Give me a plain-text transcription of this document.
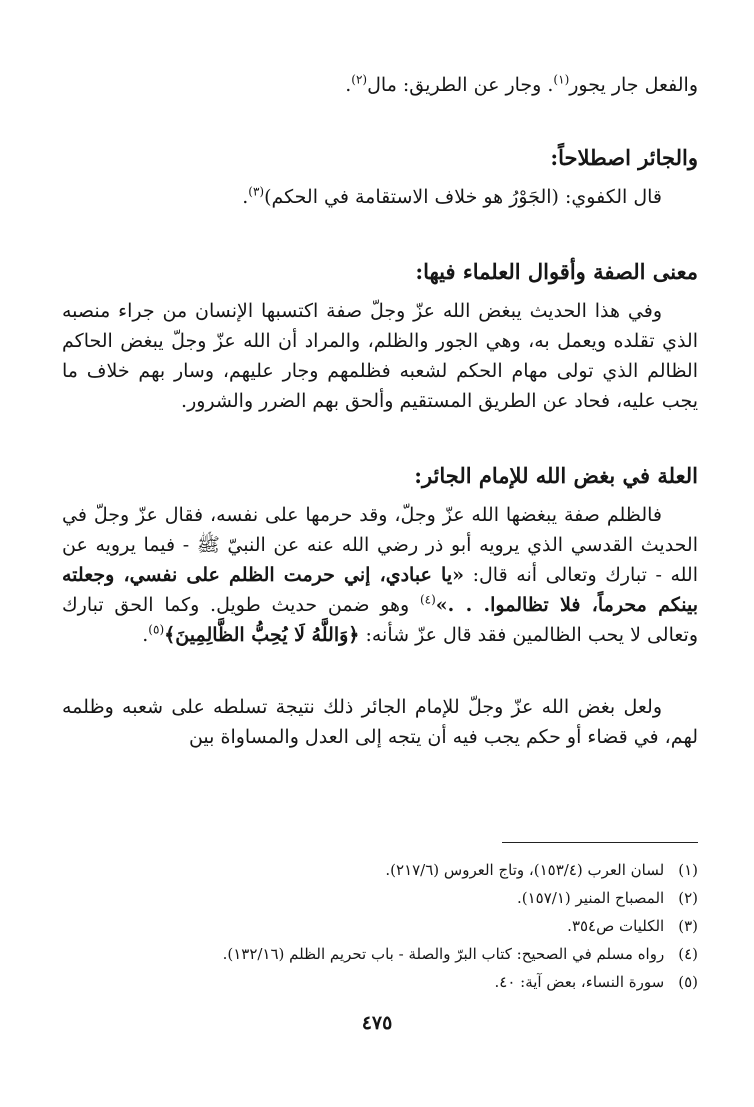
والفعل جار يجور$^{(١)}$. وجار عن الطريق: مال$^{(٢)}$.

والجائر اصطلاحاً:

قال الكفوي: (الجَوْرُ هو خلاف الاستقامة في الحكم)$^{(٣)}$.

معنى الصفة وأقوال العلماء فيها:

وفي هذا الحديث يبغض الله عزّ وجلّ صفة اكتسبها الإنسان من جراء منصبه الذي تقلده ويعمل به، وهي الجور والظلم، والمراد أن الله عزّ وجلّ يبغض الحاكم الظالم الذي تولى مهام الحكم لشعبه فظلمهم وجار عليهم، وسار بهم خلاف ما يجب عليه، فحاد عن الطريق المستقيم وألحق بهم الضرر والشرور.

العلة في بغض الله للإمام الجائر:

فالظلم صفة يبغضها الله عزّ وجلّ، وقد حرمها على نفسه، فقال عزّ وجلّ في الحديث القدسي الذي يرويه أبو ذر رضي الله عنه عن النبيّ ﷺ - فيما يرويه عن الله - تبارك وتعالى أنه قال: «يا عبادي، إني حرمت الظلم على نفسي، وجعلته بينكم محرماً، فلا تظالموا. . .»$^{(٤)}$ وهو ضمن حديث طويل. وكما الحق تبارك وتعالى لا يحب الظالمين فقد قال عزّ شأنه: ﴿وَاللَّهُ لَا يُحِبُّ الظَّالِمِينَ﴾$^{(٥)}$.

ولعل بغض الله عزّ وجلّ للإمام الجائر ذلك نتيجة تسلطه على شعبه وظلمه لهم، في قضاء أو حكم يجب فيه أن يتجه إلى العدل والمساواة بين

(١)لسان العرب (١٥٣/٤)، وتاج العروس (٢١٧/٦).
(٢)المصباح المنير (١٥٧/١).
(٣)الكليات ص٣٥٤.
(٤)رواه مسلم في الصحيح: كتاب البرّ والصلة - باب تحريم الظلم (١٣٢/١٦).
(٥)سورة النساء، بعض آية: ٤٠.
٤٧٥
